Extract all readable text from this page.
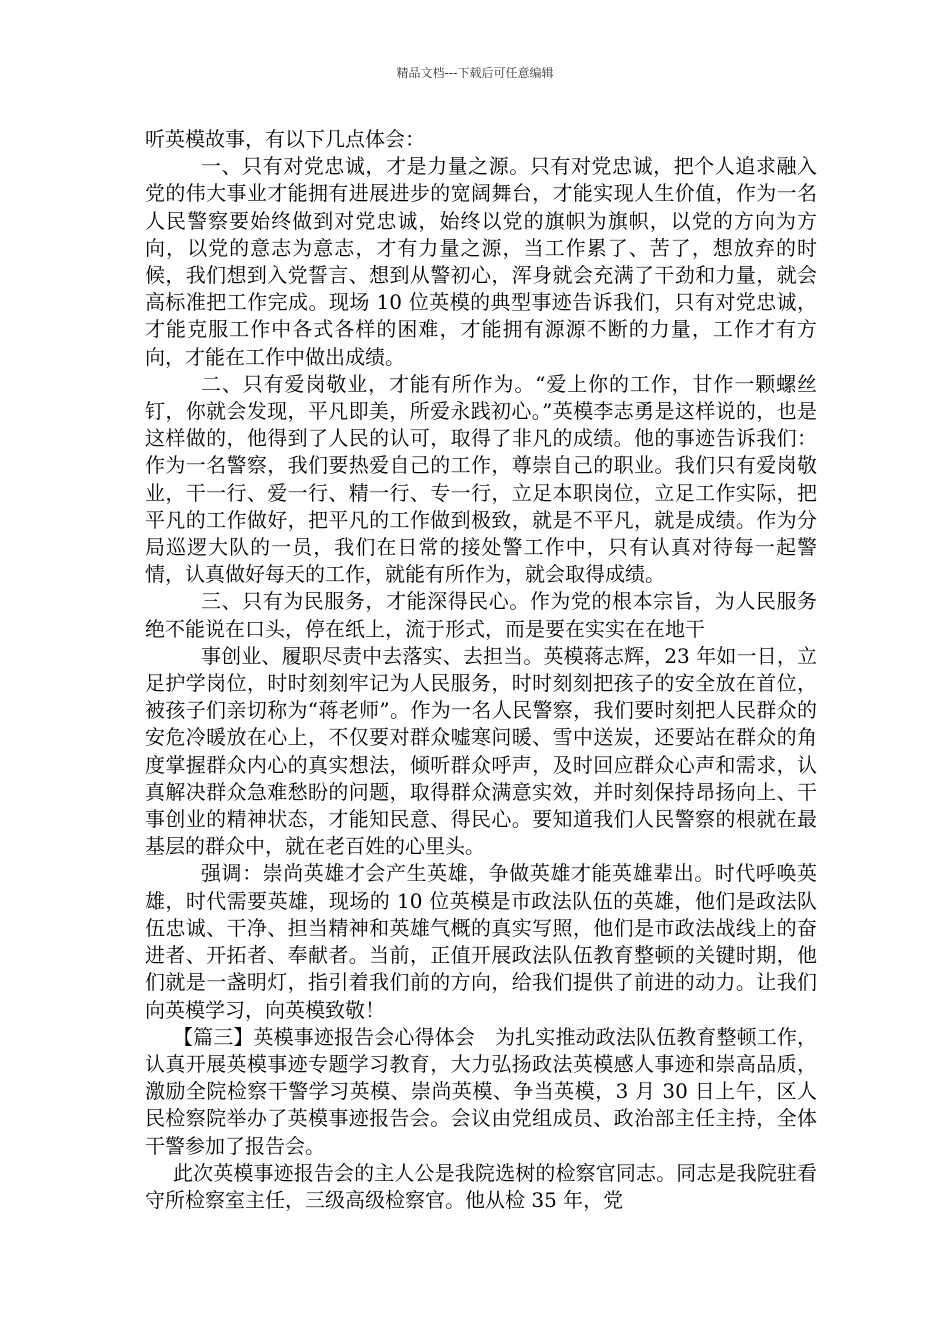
精品文档---下载后可任意编辑

听英模故事，有以下几点体会：

一、只有对党忠诚，才是力量之源。只有对党忠诚，把个人追求融入党的伟大事业才能拥有进展进步的宽阔舞台，才能实现人生价值，作为一名人民警察要始终做到对党忠诚，始终以党的旗帜为旗帜，以党的方向为方向，以党的意志为意志，才有力量之源，当工作累了、苦了，想放弃的时候，我们想到入党誓言、想到从警初心，浑身就会充满了干劲和力量，就会高标准把工作完成。现场 10 位英模的典型事迹告诉我们，只有对党忠诚，才能克服工作中各式各样的困难，才能拥有源源不断的力量，工作才有方向，才能在工作中做出成绩。

二、只有爱岗敬业，才能有所作为。“爱上你的工作，甘作一颗螺丝钉，你就会发现，平凡即美，所爱永践初心。”英模李志勇是这样说的，也是这样做的，他得到了人民的认可，取得了非凡的成绩。他的事迹告诉我们：作为一名警察，我们要热爱自己的工作，尊崇自己的职业。我们只有爱岗敬业，干一行、爱一行、精一行、专一行，立足本职岗位，立足工作实际，把平凡的工作做好，把平凡的工作做到极致，就是不平凡，就是成绩。作为分局巡逻大队的一员，我们在日常的接处警工作中，只有认真对待每一起警情，认真做好每天的工作，就能有所作为，就会取得成绩。

三、只有为民服务，才能深得民心。作为党的根本宗旨，为人民服务绝不能说在口头，停在纸上，流于形式，而是要在实实在在地干

事创业、履职尽责中去落实、去担当。英模蒋志辉，23 年如一日，立足护学岗位，时时刻刻牢记为人民服务，时时刻刻把孩子的安全放在首位，被孩子们亲切称为“蒋老师”。作为一名人民警察，我们要时刻把人民群众的安危冷暖放在心上，不仅要对群众嘘寒问暖、雪中送炭，还要站在群众的角度掌握群众内心的真实想法，倾听群众呼声，及时回应群众心声和需求，认真解决群众急难愁盼的问题，取得群众满意实效，并时刻保持昂扬向上、干事创业的精神状态，才能知民意、得民心。要知道我们人民警察的根就在最基层的群众中，就在老百姓的心里头。

强调：崇尚英雄才会产生英雄，争做英雄才能英雄辈出。时代呼唤英雄，时代需要英雄，现场的 10 位英模是市政法队伍的英雄，他们是政法队伍忠诚、干净、担当精神和英雄气概的真实写照，他们是市政法战线上的奋进者、开拓者、奉献者。当前，正值开展政法队伍教育整顿的关键时期，他们就是一盏明灯，指引着我们前的方向，给我们提供了前进的动力。让我们向英模学习，向英模致敬！

【篇三】英模事迹报告会心得体会　为扎实推动政法队伍教育整顿工作，认真开展英模事迹专题学习教育，大力弘扬政法英模感人事迹和崇高品质，激励全院检察干警学习英模、崇尚英模、争当英模，3 月 30 日上午，区人民检察院举办了英模事迹报告会。会议由党组成员、政治部主任主持，全体干警参加了报告会。

此次英模事迹报告会的主人公是我院选树的检察官同志。同志是我院驻看守所检察室主任，三级高级检察官。他从检 35 年，党
